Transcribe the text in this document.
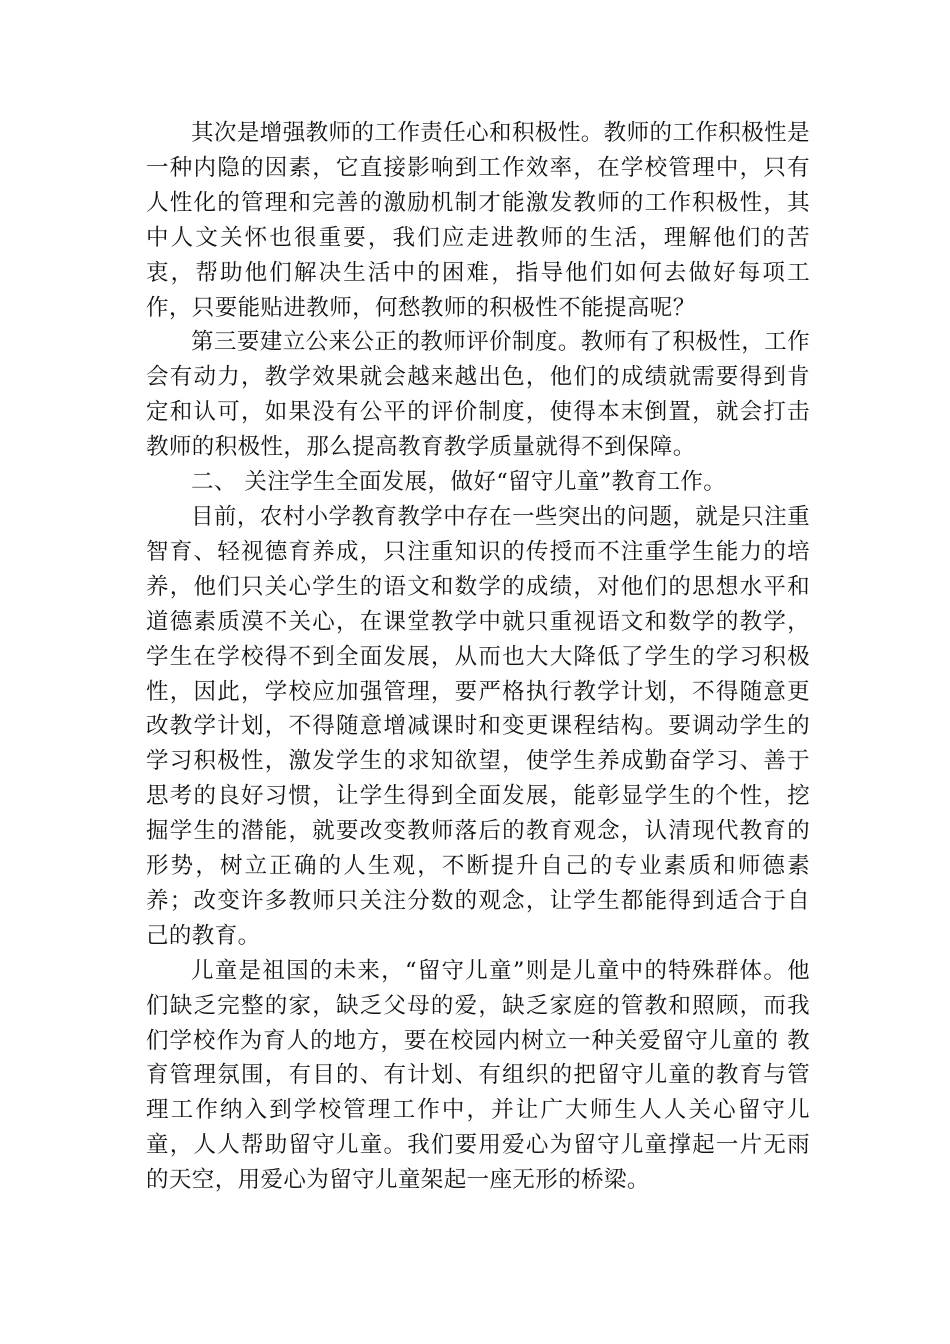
其次是增强教师的工作责任心和积极性。教师的工作积极性是一种内隐的因素，它直接影响到工作效率，在学校管理中，只有人性化的管理和完善的激励机制才能激发教师的工作积极性，其中人文关怀也很重要，我们应走进教师的生活，理解他们的苦衷，帮助他们解决生活中的困难，指导他们如何去做好每项工作，只要能贴进教师，何愁教师的积极性不能提高呢？

第三要建立公来公正的教师评价制度。教师有了积极性，工作会有动力，教学效果就会越来越出色，他们的成绩就需要得到肯定和认可，如果没有公平的评价制度，使得本末倒置，就会打击教师的积极性，那么提高教育教学质量就得不到保障。

二、 关注学生全面发展，做好“留守儿童”教育工作。

目前，农村小学教育教学中存在一些突出的问题，就是只注重智育、轻视德育养成，只注重知识的传授而不注重学生能力的培养，他们只关心学生的语文和数学的成绩，对他们的思想水平和道德素质漠不关心，在课堂教学中就只重视语文和数学的教学，学生在学校得不到全面发展，从而也大大降低了学生的学习积极性，因此，学校应加强管理，要严格执行教学计划，不得随意更改教学计划，不得随意增减课时和变更课程结构。要调动学生的学习积极性，激发学生的求知欲望，使学生养成勤奋学习、善于思考的良好习惯，让学生得到全面发展，能彰显学生的个性，挖掘学生的潜能，就要改变教师落后的教育观念，认清现代教育的形势，树立正确的人生观，不断提升自己的专业素质和师德素养；改变许多教师只关注分数的观念，让学生都能得到适合于自己的教育。

儿童是祖国的未来，“留守儿童”则是儿童中的特殊群体。他们缺乏完整的家，缺乏父母的爱，缺乏家庭的管教和照顾，而我们学校作为育人的地方，要在校园内树立一种关爱留守儿童的 教育管理氛围，有目的、有计划、有组织的把留守儿童的教育与管理工作纳入到学校管理工作中，并让广大师生人人关心留守儿童，人人帮助留守儿童。我们要用爱心为留守儿童撑起一片无雨的天空，用爱心为留守儿童架起一座无形的桥梁。
